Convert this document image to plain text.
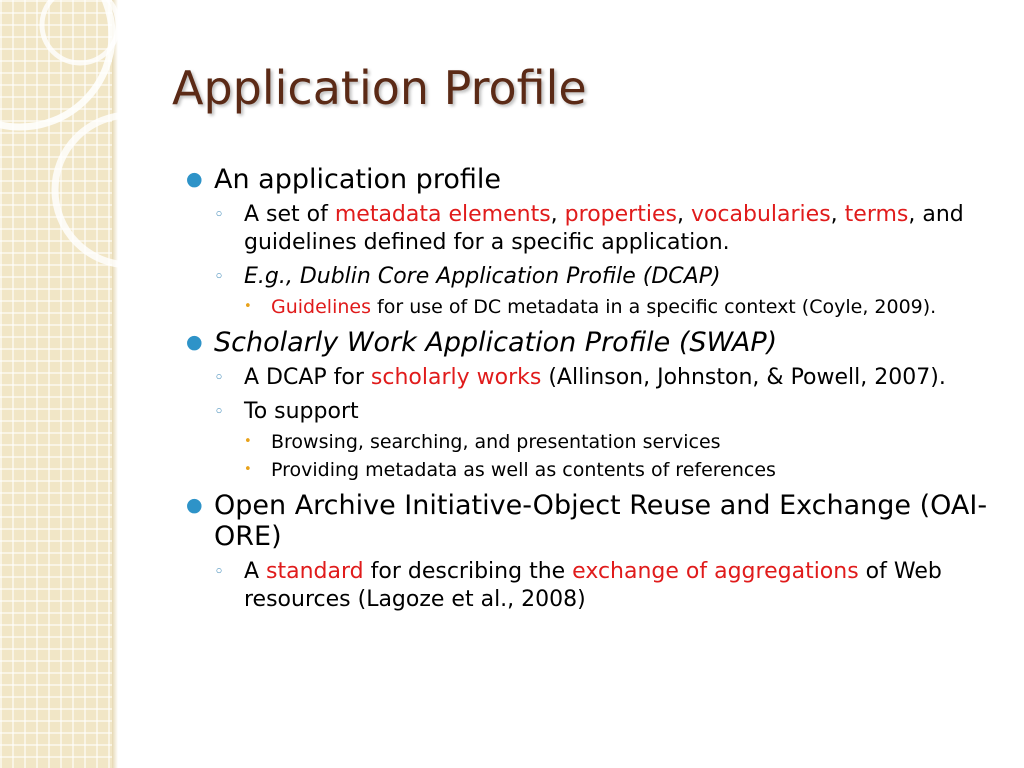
Application Profile
● An application profile
◦ A set of metadata elements, properties, vocabularies, terms, and guidelines defined for a specific application.
◦ E.g., Dublin Core Application Profile (DCAP)
• Guidelines for use of DC metadata in a specific context (Coyle, 2009).
● Scholarly Work Application Profile (SWAP)
◦ A DCAP for scholarly works (Allinson, Johnston, & Powell, 2007).
◦ To support
• Browsing, searching, and presentation services
• Providing metadata as well as contents of references
● Open Archive Initiative-Object Reuse and Exchange (OAI-ORE)
◦ A standard for describing the exchange of aggregations of Web resources (Lagoze et al., 2008)
